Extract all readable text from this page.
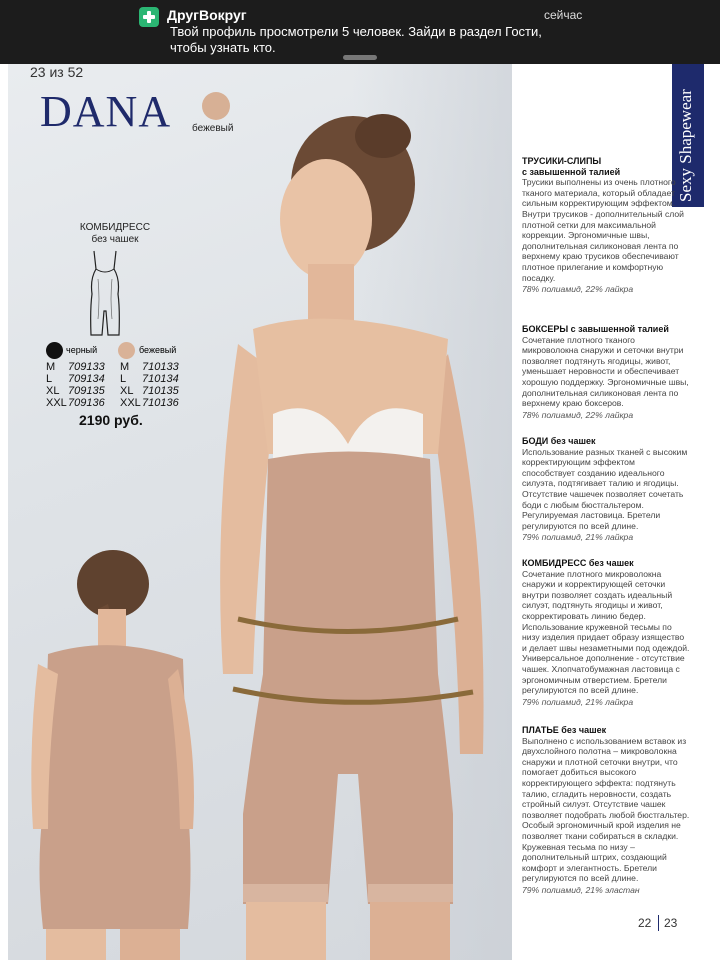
ДругВокруг	сейчас
Твой профиль просмотрели 5 человек. Зайди в раздел Гости, чтобы узнать кто.
23 из 52
DANA бежевый
КОМБИДРЕСС
без чашек
черный	бежевый
M	709133	M	710133
L	709134	L	710134
XL 709135	XL 710135
XXL 709136	XXL 710136
2190 руб.
Sexy Shapewear
ТРУСИКИ-СЛИПЫ
с завышенной талией

Трусики выполнены из очень плотного тканого материала, который обладает сильным корректирующим эффектом. Внутри трусиков - дополнительный слой плотной сетки для максимальной коррекции. Эргономичные швы, дополнительная силиконовая лента по верхнему краю трусиков обеспечивают плотное прилегание и комфортную посадку.

78% полиамид, 22% лайкра

БОКСЕРЫ с завышенной талией

Сочетание плотного тканого микроволокна снаружи и сеточки внутри позволяет подтянуть ягодицы, живот, уменьшает неровности и обеспечивает хорошую поддержку. Эргономичные швы, дополнительная силиконовая лента по верхнему краю боксеров.

78% полиамид, 22% лайкра

БОДИ без чашек

Использование разных тканей с высоким корректирующим эффектом способствует созданию идеального силуэта, подтягивает талию и ягодицы. Отсутствие чашечек позволяет сочетать боди с любым бюстгальтером. Регулируемая ластовица. Бретели регулируются по всей длине.

79% полиамид, 21% лайкра

КОМБИДРЕСС без чашек

Сочетание плотного микроволокна снаружи и корректирующей сеточки внутри позволяет создать идеальный силуэт, подтянуть ягодицы и живот, скорректировать линию бедер. Использование кружевной тесьмы по низу изделия придает образу изящество и делает швы незаметными под одеждой. Универсальное дополнение - отсутствие чашек. Хлопчатобумажная ластовица с эргономичным отверстием. Бретели регулируются по всей длине.

79% полиамид, 21% лайкра

ПЛАТЬЕ без чашек

Выполнено с использованием вставок из двухслойного полотна – микроволокна снаружи и плотной сеточки внутри, что помогает добиться высокого корректирующего эффекта: подтянуть талию, сгладить неровности, создать стройный силуэт. Отсутствие чашек позволяет подобрать любой бюстгальтер. Особый эргономичный крой изделия не позволяет ткани собираться в складки. Кружевная тесьма по низу – дополнительный штрих, создающий комфорт и элегантность. Бретели регулируются по всей длине.

79% полиамид, 21% эластан

22 23
